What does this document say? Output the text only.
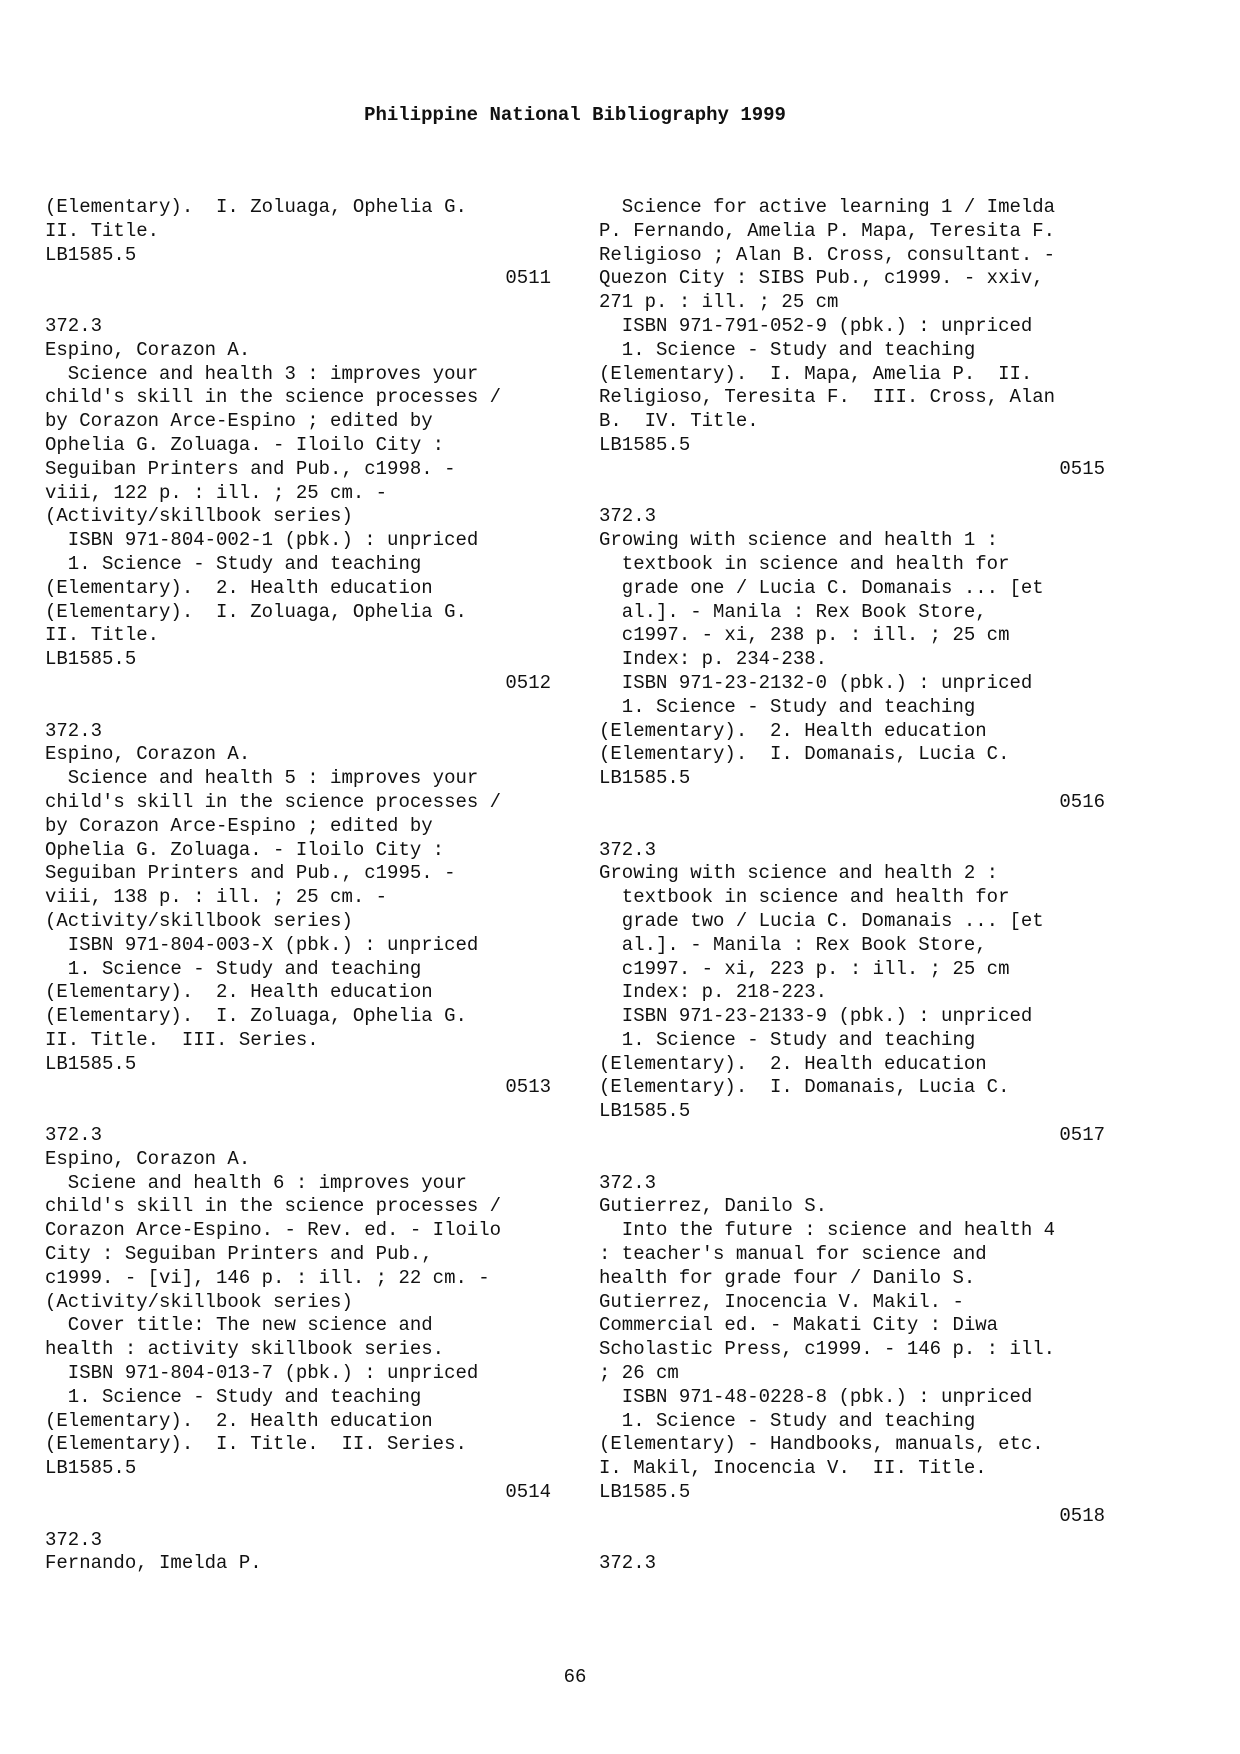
Philippine National Bibliography 1999
(Elementary).  I. Zoluaga, Ophelia G.
II. Title.
LB1585.5
0511
372.3
Espino, Corazon A.
Science and health 3 : improves your
child's skill in the science processes /
by Corazon Arce-Espino ; edited by
Ophelia G. Zoluaga. - Iloilo City :
Seguiban Printers and Pub., c1998. -
viii, 122 p. : ill. ; 25 cm. -
(Activity/skillbook series)
ISBN 971-804-002-1 (pbk.) : unpriced
1. Science - Study and teaching
(Elementary).  2. Health education
(Elementary).  I. Zoluaga, Ophelia G.
II. Title.
LB1585.5
0512
372.3
Espino, Corazon A.
Science and health 5 : improves your
child's skill in the science processes /
by Corazon Arce-Espino ; edited by
Ophelia G. Zoluaga. - Iloilo City :
Seguiban Printers and Pub., c1995. -
viii, 138 p. : ill. ; 25 cm. -
(Activity/skillbook series)
ISBN 971-804-003-X (pbk.) : unpriced
1. Science - Study and teaching
(Elementary).  2. Health education
(Elementary).  I. Zoluaga, Ophelia G.
II. Title.  III. Series.
LB1585.5
0513
372.3
Espino, Corazon A.
Sciene and health 6 : improves your
child's skill in the science processes /
Corazon Arce-Espino. - Rev. ed. - Iloilo
City : Seguiban Printers and Pub.,
c1999. - [vi], 146 p. : ill. ; 22 cm. -
(Activity/skillbook series)
Cover title: The new science and
health : activity skillbook series.
ISBN 971-804-013-7 (pbk.) : unpriced
1. Science - Study and teaching
(Elementary).  2. Health education
(Elementary).  I. Title.  II. Series.
LB1585.5
0514
372.3
Fernando, Imelda P.
Science for active learning 1 / Imelda
P. Fernando, Amelia P. Mapa, Teresita F.
Religioso ; Alan B. Cross, consultant. -
Quezon City : SIBS Pub., c1999. - xxiv,
271 p. : ill. ; 25 cm
ISBN 971-791-052-9 (pbk.) : unpriced
1. Science - Study and teaching
(Elementary).  I. Mapa, Amelia P.  II.
Religioso, Teresita F.  III. Cross, Alan
B.  IV. Title.
LB1585.5
0515
372.3
Growing with science and health 1 :
textbook in science and health for
grade one / Lucia C. Domanais ... [et
al.]. - Manila : Rex Book Store,
c1997. - xi, 238 p. : ill. ; 25 cm
Index: p. 234-238.
ISBN 971-23-2132-0 (pbk.) : unpriced
1. Science - Study and teaching
(Elementary).  2. Health education
(Elementary).  I. Domanais, Lucia C.
LB1585.5
0516
372.3
Growing with science and health 2 :
textbook in science and health for
grade two / Lucia C. Domanais ... [et
al.]. - Manila : Rex Book Store,
c1997. - xi, 223 p. : ill. ; 25 cm
Index: p. 218-223.
ISBN 971-23-2133-9 (pbk.) : unpriced
1. Science - Study and teaching
(Elementary).  2. Health education
(Elementary).  I. Domanais, Lucia C.
LB1585.5
0517
372.3
Gutierrez, Danilo S.
Into the future : science and health 4
: teacher's manual for science and
health for grade four / Danilo S.
Gutierrez, Inocencia V. Makil. -
Commercial ed. - Makati City : Diwa
Scholastic Press, c1999. - 146 p. : ill.
; 26 cm
ISBN 971-48-0228-8 (pbk.) : unpriced
1. Science - Study and teaching
(Elementary) - Handbooks, manuals, etc.
I. Makil, Inocencia V.  II. Title.
LB1585.5
0518
372.3
66
